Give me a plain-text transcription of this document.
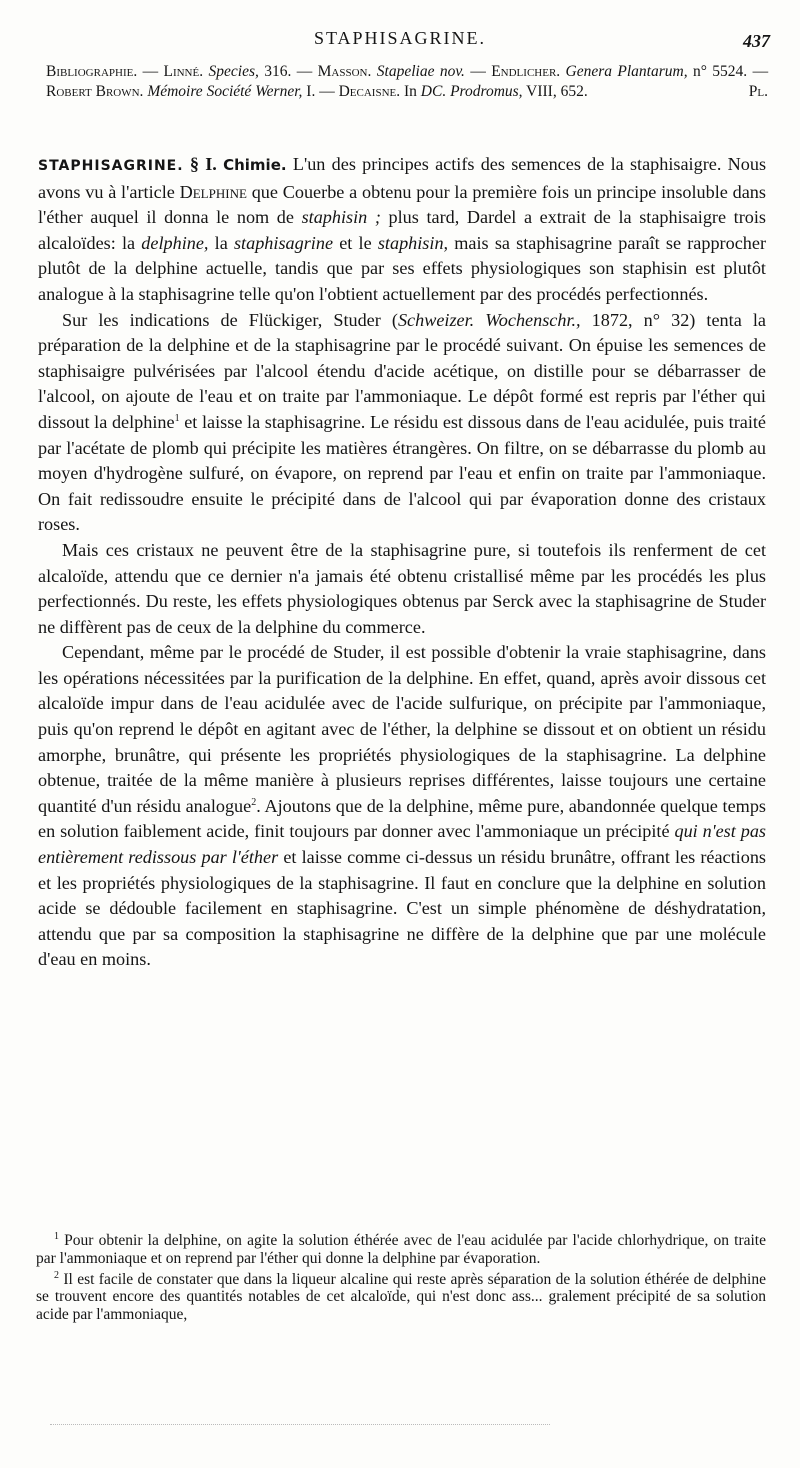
STAPHISAGRINE.	437
Bibliographie. — Linné. Species, 316. — Masson. Stapeliae nov. — Endlicher. Genera Plantarum, n° 5524. — Robert Brown. Mémoire Société Werner, I. — Decaisne. In DC. Prodromus, VIII, 652.	Pl.

STAPHISAGRINE. § I. Chimie. L'un des principes actifs des semences de la staphisaigre. Nous avons vu à l'article Delphine que Couerbe a obtenu pour la première fois un principe insoluble dans l'éther auquel il donna le nom de staphisin ; plus tard, Dardel a extrait de la staphisaigre trois alcaloïdes: la delphine, la staphisagrine et le staphisin, mais sa staphisagrine paraît se rapprocher plutôt de la delphine actuelle, tandis que par ses effets physiologiques son staphisin est plutôt analogue à la staphisagrine telle qu'on l'obtient actuellement par des procédés perfectionnés.

Sur les indications de Flückiger, Studer (Schweizer. Wochenschr., 1872, n° 32) tenta la préparation de la delphine et de la staphisagrine par le procédé suivant. On épuise les semences de staphisaigre pulvérisées par l'alcool étendu d'acide acétique, on distille pour se débarrasser de l'alcool, on ajoute de l'eau et on traite par l'ammoniaque. Le dépôt formé est repris par l'éther qui dissout la delphine$^1$ et laisse la staphisagrine. Le résidu est dissous dans de l'eau acidulée, puis traité par l'acétate de plomb qui précipite les matières étrangères. On filtre, on se débarrasse du plomb au moyen d'hydrogène sulfuré, on évapore, on reprend par l'eau et enfin on traite par l'ammoniaque. On fait redissoudre ensuite le précipité dans de l'alcool qui par évaporation donne des cristaux roses.

Mais ces cristaux ne peuvent être de la staphisagrine pure, si toutefois ils renferment de cet alcaloïde, attendu que ce dernier n'a jamais été obtenu cristallisé même par les procédés les plus perfectionnés. Du reste, les effets physiologiques obtenus par Serck avec la staphisagrine de Studer ne diffèrent pas de ceux de la delphine du commerce.

Cependant, même par le procédé de Studer, il est possible d'obtenir la vraie staphisagrine, dans les opérations nécessitées par la purification de la delphine. En effet, quand, après avoir dissous cet alcaloïde impur dans de l'eau acidulée avec de l'acide sulfurique, on précipite par l'ammoniaque, puis qu'on reprend le dépôt en agitant avec de l'éther, la delphine se dissout et on obtient un résidu amorphe, brunâtre, qui présente les propriétés physiologiques de la staphisagrine. La delphine obtenue, traitée de la même manière à plusieurs reprises différentes, laisse toujours une certaine quantité d'un résidu analogue$^2$. Ajoutons que de la delphine, même pure, abandonnée quelque temps en solution faiblement acide, finit toujours par donner avec l'ammoniaque un précipité qui n'est pas entièrement redissous par l'éther et laisse comme ci-dessus un résidu brunâtre, offrant les réactions et les propriétés physiologiques de la staphisagrine. Il faut en conclure que la delphine en solution acide se dédouble facilement en staphisagrine. C'est un simple phénomène de déshydratation, attendu que par sa composition la staphisagrine ne diffère de la delphine que par une molécule d'eau en moins.

$^1$ Pour obtenir la delphine, on agite la solution éthérée avec de l'eau acidulée par l'acide chlorhydrique, on traite par l'ammoniaque et on reprend par l'éther qui donne la delphine par évaporation.

$^2$ Il est facile de constater que dans la liqueur alcaline qui reste après séparation de la solution éthérée de delphine se trouvent encore des quantités notables de cet alcaloïde, qui n'est donc ass... gralement précipité de sa solution acide par l'ammoniaque,
